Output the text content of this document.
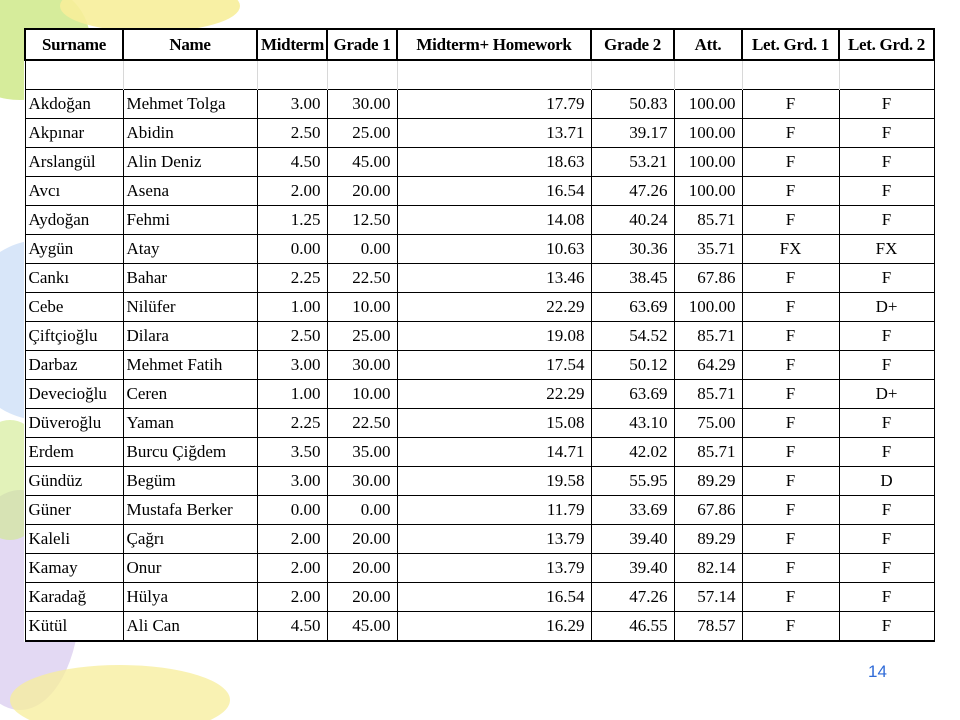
Surname	Name	Midterm	Grade 1	Midterm+ Homework	Grade 2	Att.	Let. Grd. 1	Let. Grd. 2

Akdoğan	Mehmet Tolga	3.00	30.00	17.79	50.83	100.00	F	F
Akpınar	Abidin	2.50	25.00	13.71	39.17	100.00	F	F
Arslangül	Alin Deniz	4.50	45.00	18.63	53.21	100.00	F	F
Avcı	Asena	2.00	20.00	16.54	47.26	100.00	F	F
Aydoğan	Fehmi	1.25	12.50	14.08	40.24	85.71	F	F
Aygün	Atay	0.00	0.00	10.63	30.36	35.71	FX	FX
Cankı	Bahar	2.25	22.50	13.46	38.45	67.86	F	F
Cebe	Nilüfer	1.00	10.00	22.29	63.69	100.00	F	D+
Çiftçioğlu	Dilara	2.50	25.00	19.08	54.52	85.71	F	F
Darbaz	Mehmet Fatih	3.00	30.00	17.54	50.12	64.29	F	F
Devecioğlu	Ceren	1.00	10.00	22.29	63.69	85.71	F	D+
Düveroğlu	Yaman	2.25	22.50	15.08	43.10	75.00	F	F
Erdem	Burcu Çiğdem	3.50	35.00	14.71	42.02	85.71	F	F
Gündüz	Begüm	3.00	30.00	19.58	55.95	89.29	F	D
Güner	Mustafa Berker	0.00	0.00	11.79	33.69	67.86	F	F
Kaleli	Çağrı	2.00	20.00	13.79	39.40	89.29	F	F
Kamay	Onur	2.00	20.00	13.79	39.40	82.14	F	F
Karadağ	Hülya	2.00	20.00	16.54	47.26	57.14	F	F
Kütül	Ali Can	4.50	45.00	16.29	46.55	78.57	F	F
14
